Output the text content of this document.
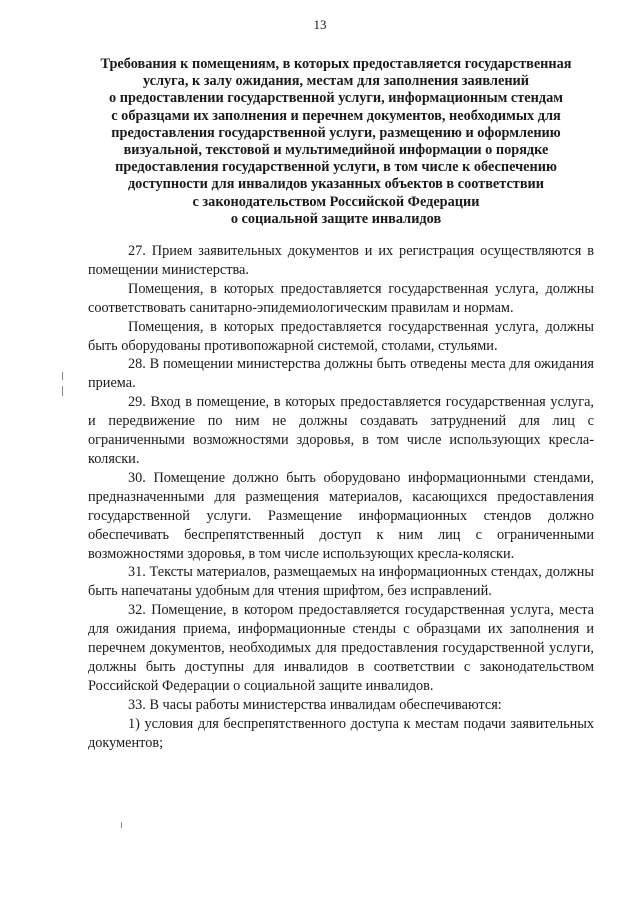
13
Требования к помещениям, в которых предоставляется государственная
услуга, к залу ожидания, местам для заполнения заявлений
о предоставлении государственной услуги, информационным стендам
с образцами их заполнения и перечнем документов, необходимых для
предоставления государственной услуги, размещению и оформлению
визуальной, текстовой и мультимедийной информации о порядке
предоставления государственной услуги, в том числе к обеспечению
доступности для инвалидов указанных объектов в соответствии
с законодательством Российской Федерации
о социальной защите инвалидов

27. Прием заявительных документов и их регистрация осуществляются в помещении министерства.

Помещения, в которых предоставляется государственная услуга, должны соответствовать санитарно-эпидемиологическим правилам и нормам.

Помещения, в которых предоставляется государственная услуга, должны быть оборудованы противопожарной системой, столами, стульями.

28. В помещении министерства должны быть отведены места для ожидания приема.

29. Вход в помещение, в которых предоставляется государственная услуга, и передвижение по ним не должны создавать затруднений для лиц с ограниченными возможностями здоровья, в том числе использующих кресла-коляски.

30. Помещение должно быть оборудовано информационными стендами, предназначенными для размещения материалов, касающихся предоставления государственной услуги. Размещение информационных стендов должно обеспечивать беспрепятственный доступ к ним лиц с ограниченными возможностями здоровья, в том числе использующих кресла-коляски.

31. Тексты материалов, размещаемых на информационных стендах, должны быть напечатаны удобным для чтения шрифтом, без исправлений.

32. Помещение, в котором предоставляется государственная услуга, места для ожидания приема, информационные стенды с образцами их заполнения и перечнем документов, необходимых для предоставления государственной услуги, должны быть доступны для инвалидов в соответствии с законодательством Российской Федерации о социальной защите инвалидов.

33. В часы работы министерства инвалидам обеспечиваются:

1) условия для беспрепятственного доступа к местам подачи заявительных документов;
